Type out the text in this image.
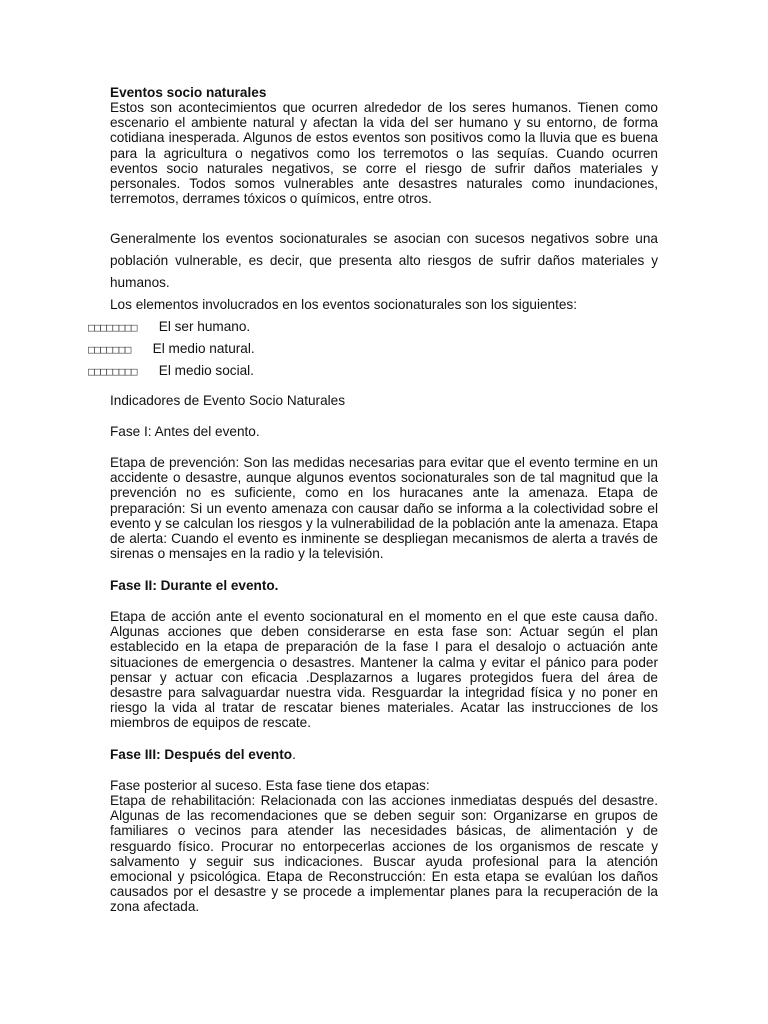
Eventos socio naturales
Estos son acontecimientos que ocurren alrededor de los seres humanos. Tienen como escenario el ambiente natural y afectan la vida del ser humano y su entorno, de forma cotidiana inesperada. Algunos de estos eventos son positivos como la lluvia que es buena para la agricultura o negativos como los terremotos o las sequías. Cuando ocurren eventos socio naturales negativos, se corre el riesgo de sufrir daños materiales y personales. Todos somos vulnerables ante desastres naturales como inundaciones, terremotos, derrames tóxicos o químicos, entre otros.
Generalmente los eventos socionaturales se asocian con sucesos negativos sobre una población vulnerable, es decir, que presenta alto riesgos de sufrir daños materiales y humanos.
Los elementos involucrados en los eventos socionaturales son los siguientes:
□□□□□□□□ El ser humano.
□□□□□□□ El medio natural.
□□□□□□□□ El medio social.
Indicadores de Evento Socio Naturales
Fase I: Antes del evento.
Etapa de prevención: Son las medidas necesarias para evitar que el evento termine en un accidente o desastre, aunque algunos eventos socionaturales son de tal magnitud que la prevención no es suficiente, como en los huracanes ante la amenaza. Etapa de preparación: Si un evento amenaza con causar daño se informa a la colectividad sobre el evento y se calculan los riesgos y la vulnerabilidad de la población ante la amenaza. Etapa de alerta: Cuando el evento es inminente se despliegan mecanismos de alerta a través de sirenas o mensajes en la radio y la televisión.
Fase II: Durante el evento.
Etapa de acción ante el evento socionatural en el momento en el que este causa daño. Algunas acciones que deben considerarse en esta fase son: Actuar según el plan establecido en la etapa de preparación de la fase I para el desalojo o actuación ante situaciones de emergencia o desastres. Mantener la calma y evitar el pánico para poder pensar y actuar con eficacia .Desplazarnos a lugares protegidos fuera del área de desastre para salvaguardar nuestra vida. Resguardar la integridad física y no poner en riesgo la vida al tratar de rescatar bienes materiales. Acatar las instrucciones de los miembros de equipos de rescate.
Fase III: Después del evento.
Fase posterior al suceso. Esta fase tiene dos etapas:
Etapa de rehabilitación: Relacionada con las acciones inmediatas después del desastre. Algunas de las recomendaciones que se deben seguir son: Organizarse en grupos de familiares o vecinos para atender las necesidades básicas, de alimentación y de resguardo físico. Procurar no entorpecerlas acciones de los organismos de rescate y salvamento y seguir sus indicaciones. Buscar ayuda profesional para la atención emocional y psicológica. Etapa de Reconstrucción: En esta etapa se evalúan los daños causados por el desastre y se procede a implementar planes para la recuperación de la zona afectada.
